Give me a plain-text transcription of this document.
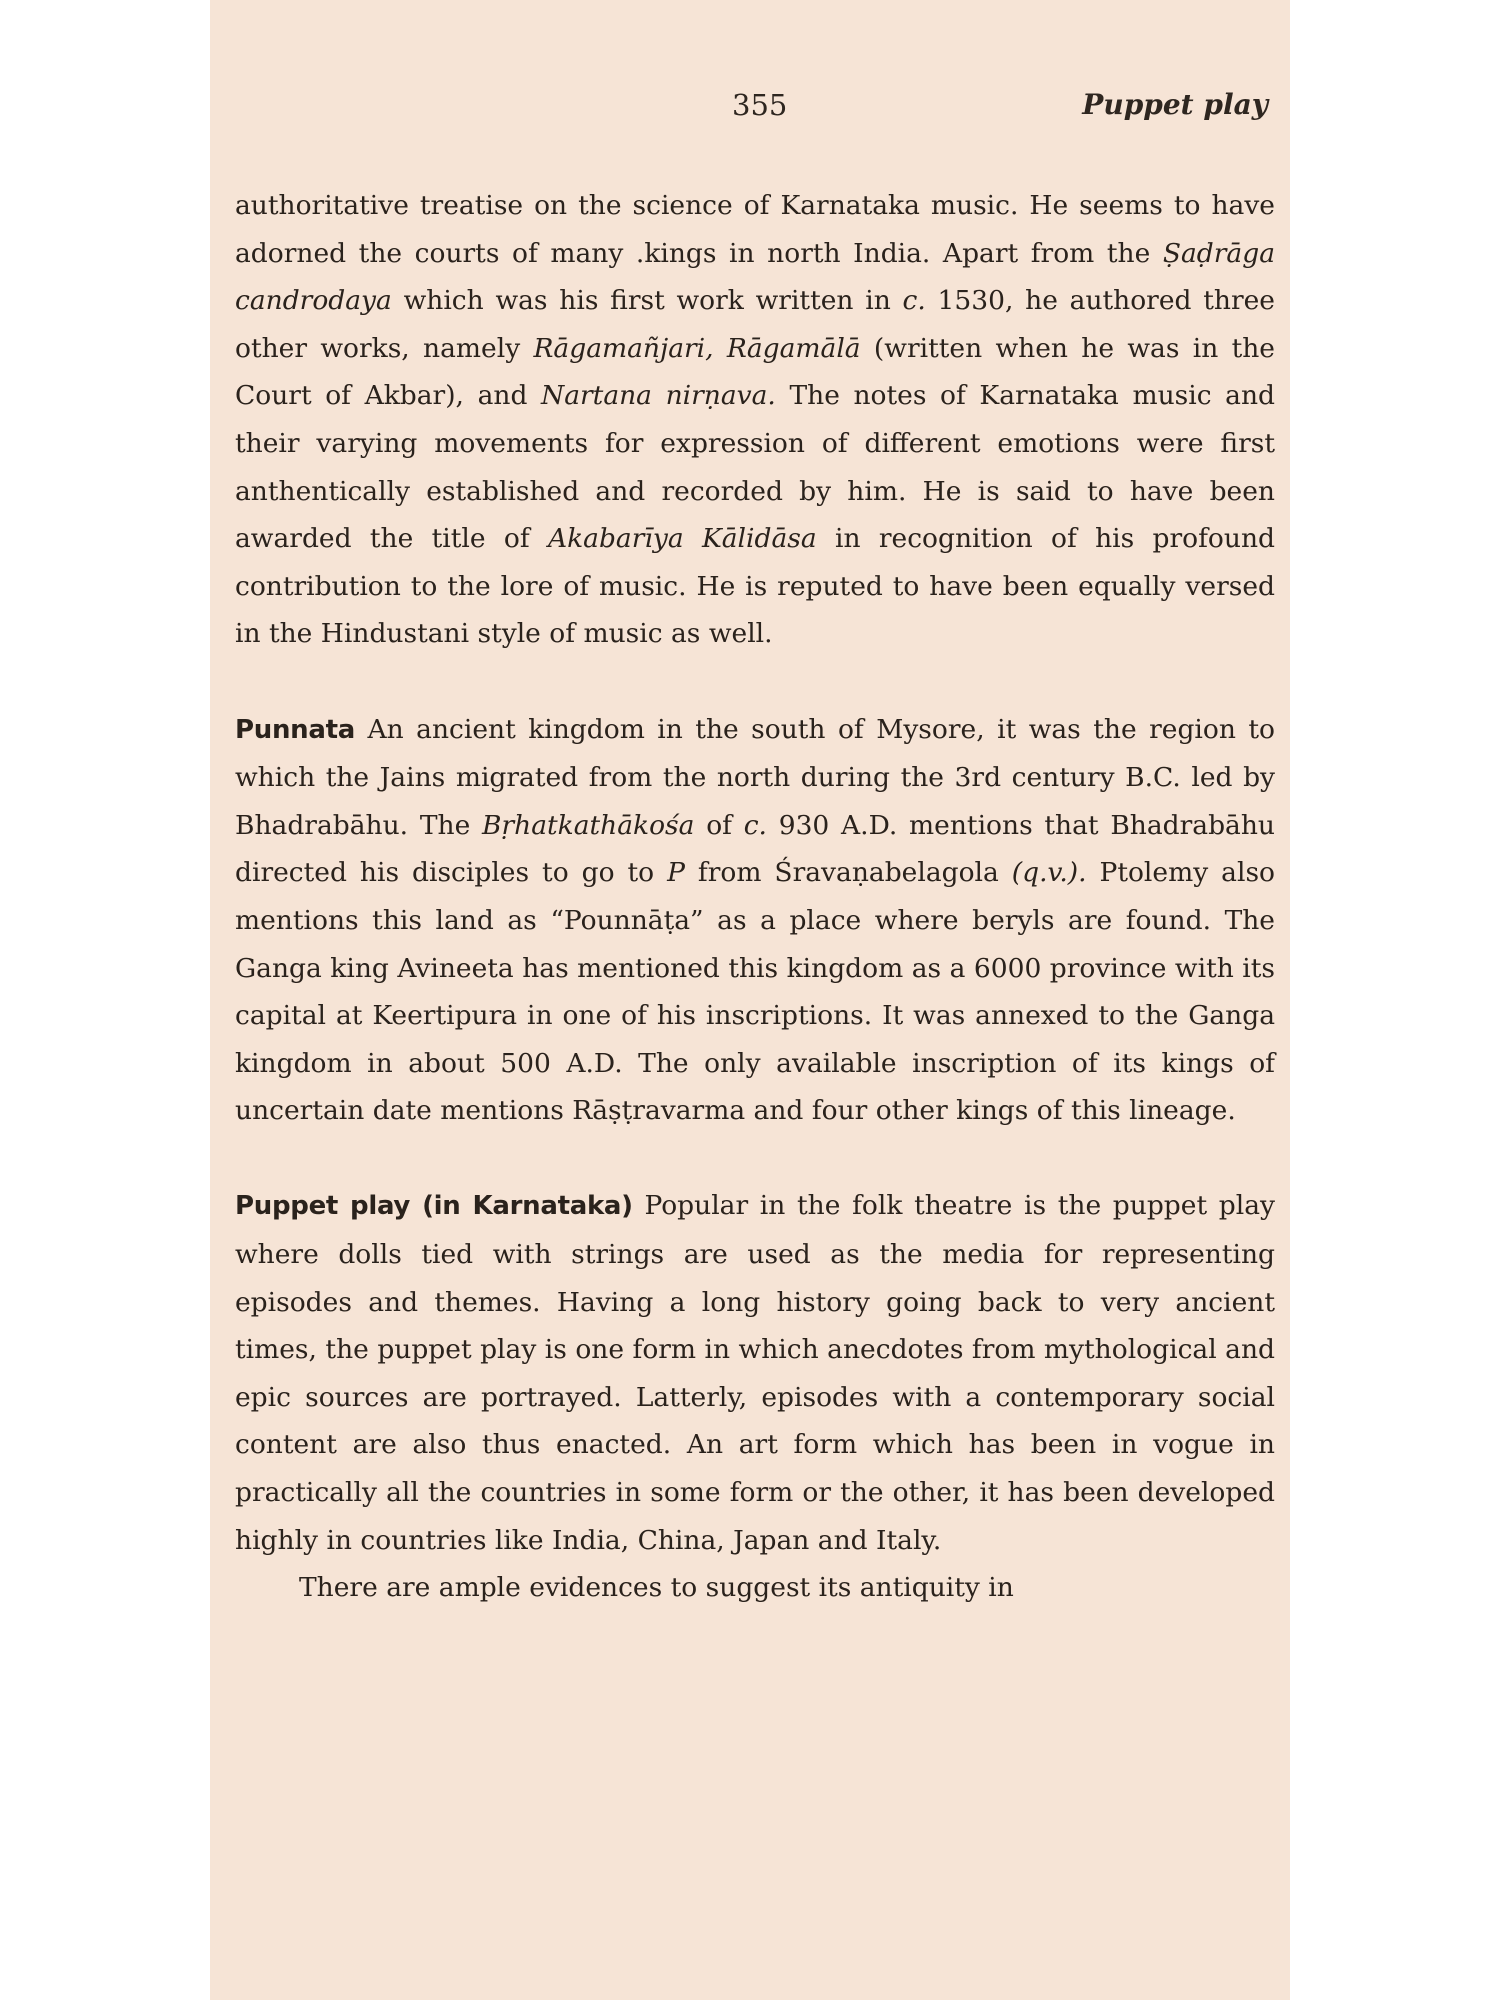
355	Puppet play

authoritative treatise on the science of Karnataka music. He seems to have adorned the courts of many .kings in north India. Apart from the Ṣaḍrāga candrodaya which was his first work written in c. 1530, he authored three other works, namely Rāgamañjari, Rāgamālā (written when he was in the Court of Akbar), and Nartana nirṇava. The notes of Karnataka music and their varying movements for expression of different emotions were first anthentically established and recorded by him. He is said to have been awarded the title of Akabarīya Kālidāsa in recognition of his profound contribution to the lore of music. He is reputed to have been equally versed in the Hindustani style of music as well.

Punnata An ancient kingdom in the south of Mysore, it was the region to which the Jains migrated from the north during the 3rd century B.C. led by Bhadrabāhu. The Bṛhatkathākośa of c. 930 A.D. mentions that Bhadrabāhu directed his disciples to go to P from Śravaṇabelagola (q.v.). Ptolemy also mentions this land as “Pounnāṭa” as a place where beryls are found. The Ganga king Avineeta has mentioned this kingdom as a 6000 province with its capital at Keertipura in one of his inscriptions. It was annexed to the Ganga kingdom in about 500 A.D. The only available inscription of its kings of uncertain date mentions Rāṣṭravarma and four other kings of this lineage.

Puppet play (in Karnataka) Popular in the folk theatre is the puppet play where dolls tied with strings are used as the media for representing episodes and themes. Having a long history going back to very ancient times, the puppet play is one form in which anecdotes from mythological and epic sources are portrayed. Latterly, episodes with a contemporary social content are also thus enacted. An art form which has been in vogue in practically all the countries in some form or the other, it has been developed highly in countries like India, China, Japan and Italy.

There are ample evidences to suggest its antiquity in
